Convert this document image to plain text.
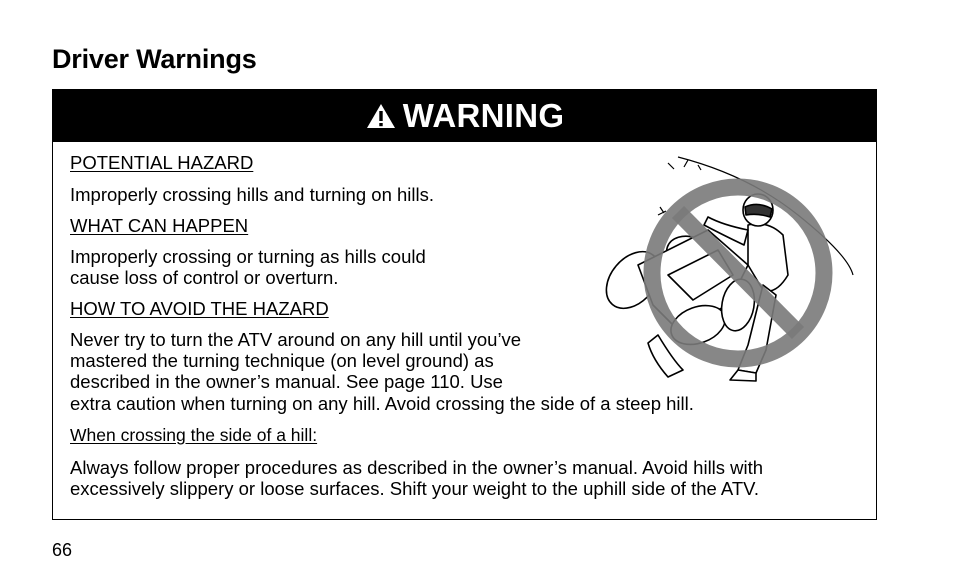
Driver Warnings
WARNING

POTENTIAL HAZARD

Improperly crossing hills and turning on hills.

WHAT CAN HAPPEN

Improperly crossing or turning as hills could

cause loss of control or overturn.

HOW TO AVOID THE HAZARD

Never try to turn the ATV around on any hill until you’ve

mastered the turning technique (on level ground) as

described in the owner’s manual. See page 110. Use

extra caution when turning on any hill. Avoid crossing the side of a steep hill.

When crossing the side of a hill:

Always follow proper procedures as described in the owner’s manual. Avoid hills with

excessively slippery or loose surfaces. Shift your weight to the uphill side of the ATV.

66
